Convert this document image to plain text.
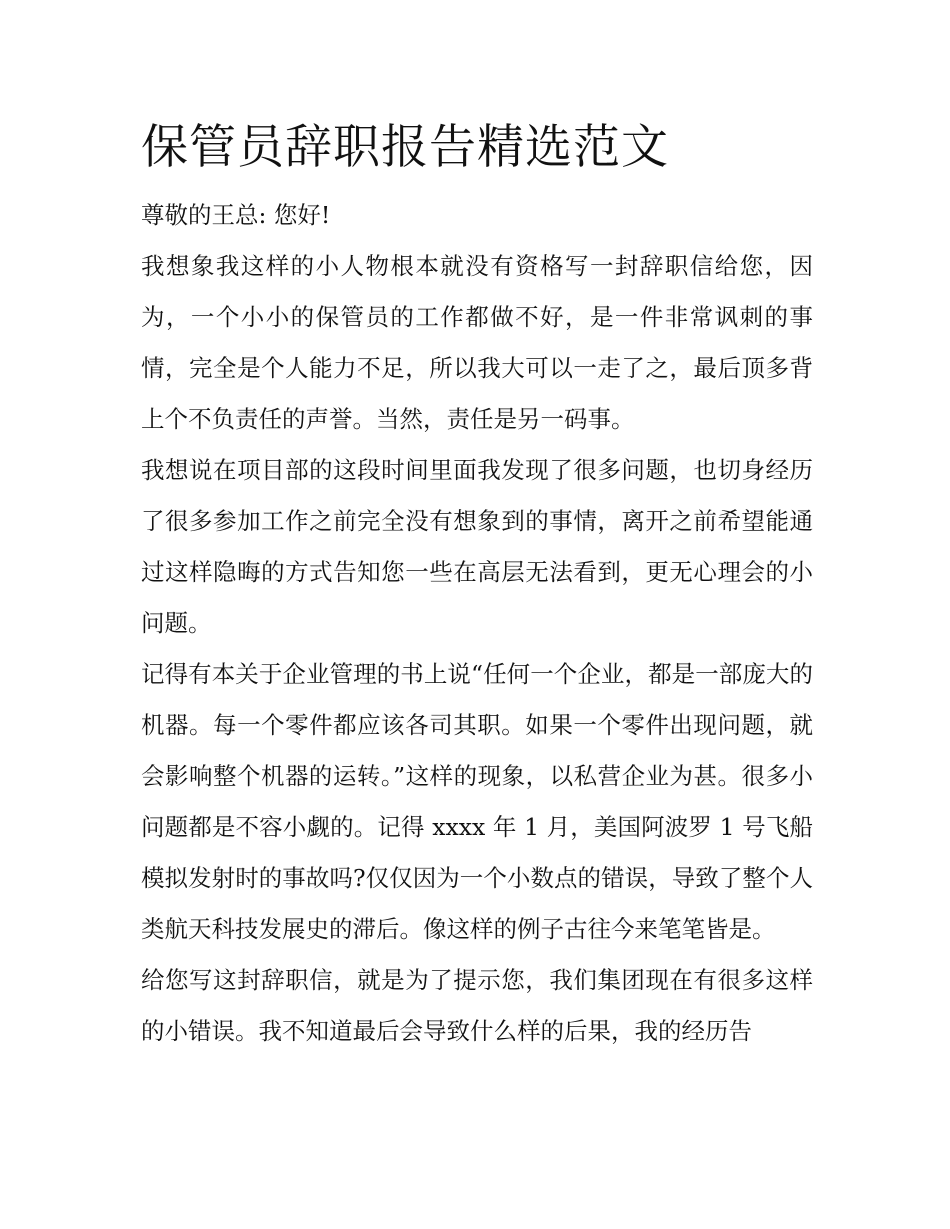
保管员辞职报告精选范文

尊敬的王总: 您好!

我想象我这样的小人物根本就没有资格写一封辞职信给您，因为，一个小小的保管员的工作都做不好，是一件非常讽刺的事情，完全是个人能力不足，所以我大可以一走了之，最后顶多背上个不负责任的声誉。当然，责任是另一码事。

我想说在项目部的这段时间里面我发现了很多问题，也切身经历了很多参加工作之前完全没有想象到的事情，离开之前希望能通过这样隐晦的方式告知您一些在高层无法看到，更无心理会的小问题。

记得有本关于企业管理的书上说“任何一个企业，都是一部庞大的机器。每一个零件都应该各司其职。如果一个零件出现问题，就会影响整个机器的运转。”这样的现象，以私营企业为甚。很多小问题都是不容小觑的。记得 xxxx 年 1 月，美国阿波罗 1 号飞船模拟发射时的事故吗?仅仅因为一个小数点的错误，导致了整个人类航天科技发展史的滞后。像这样的例子古往今来笔笔皆是。

给您写这封辞职信，就是为了提示您，我们集团现在有很多这样的小错误。我不知道最后会导致什么样的后果，我的经历告
